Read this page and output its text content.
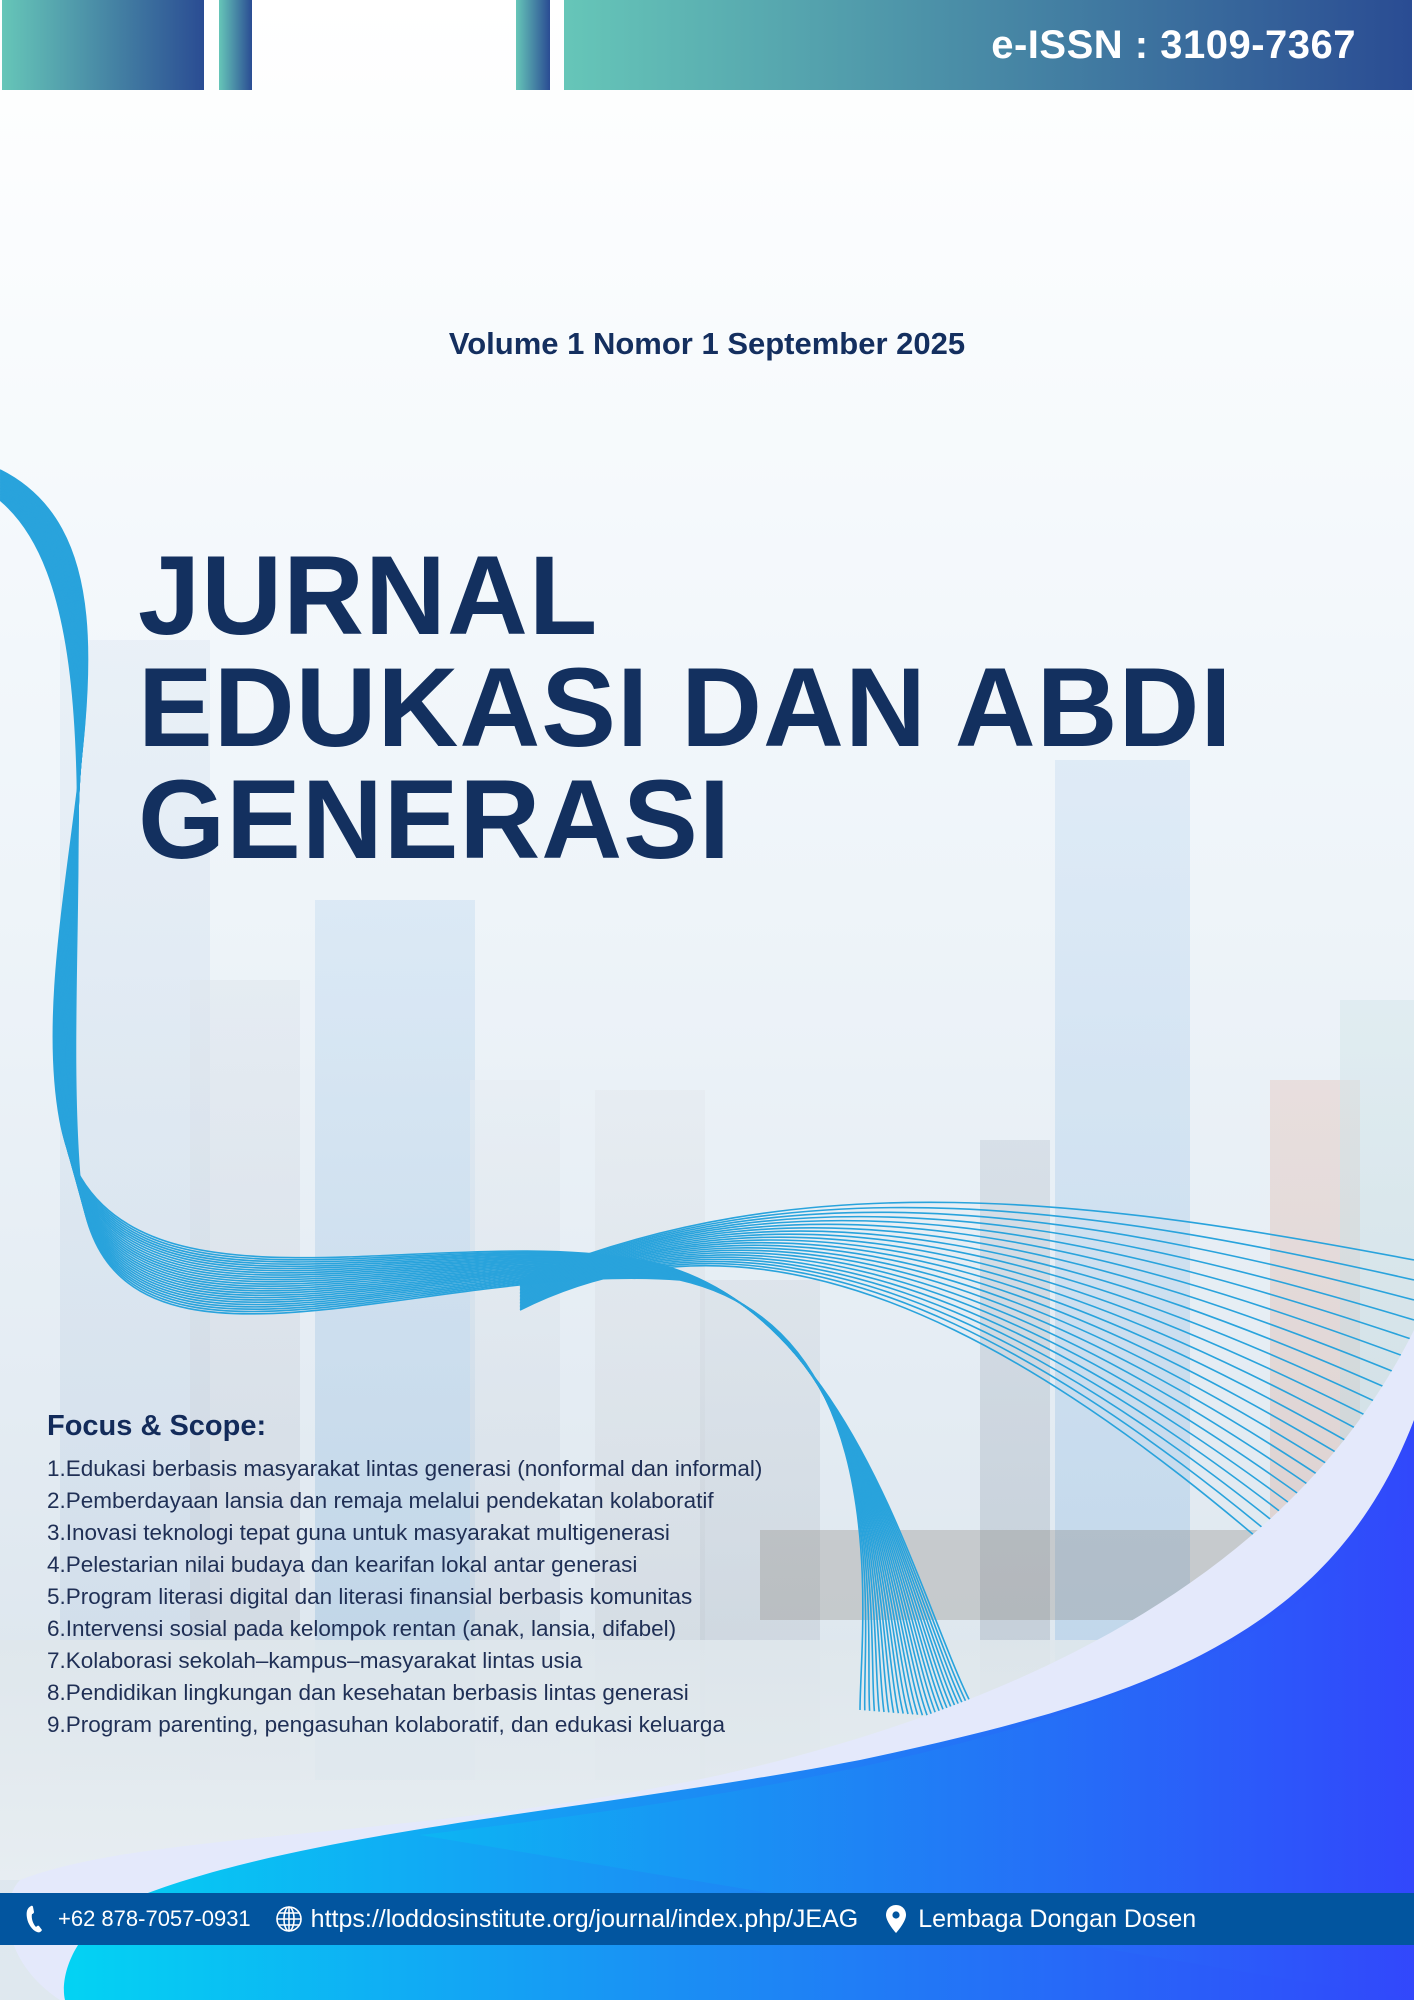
e-ISSN : 3109-7367
Volume 1 Nomor 1 September 2025
JURNAL
EDUKASI DAN ABDI
GENERASI
Focus & Scope:
1.Edukasi berbasis masyarakat lintas generasi (nonformal dan informal)
2.Pemberdayaan lansia dan remaja melalui pendekatan kolaboratif
3.Inovasi teknologi tepat guna untuk masyarakat multigenerasi
4.Pelestarian nilai budaya dan kearifan lokal antar generasi
5.Program literasi digital dan literasi finansial berbasis komunitas
6.Intervensi sosial pada kelompok rentan (anak, lansia, difabel)
7.Kolaborasi sekolah–kampus–masyarakat lintas usia
8.Pendidikan lingkungan dan kesehatan berbasis lintas generasi
9.Program parenting, pengasuhan kolaboratif, dan edukasi keluarga
+62 878-7057-0931 https://loddosinstitute.org/journal/index.php/JEAG Lembaga Dongan Dosen
